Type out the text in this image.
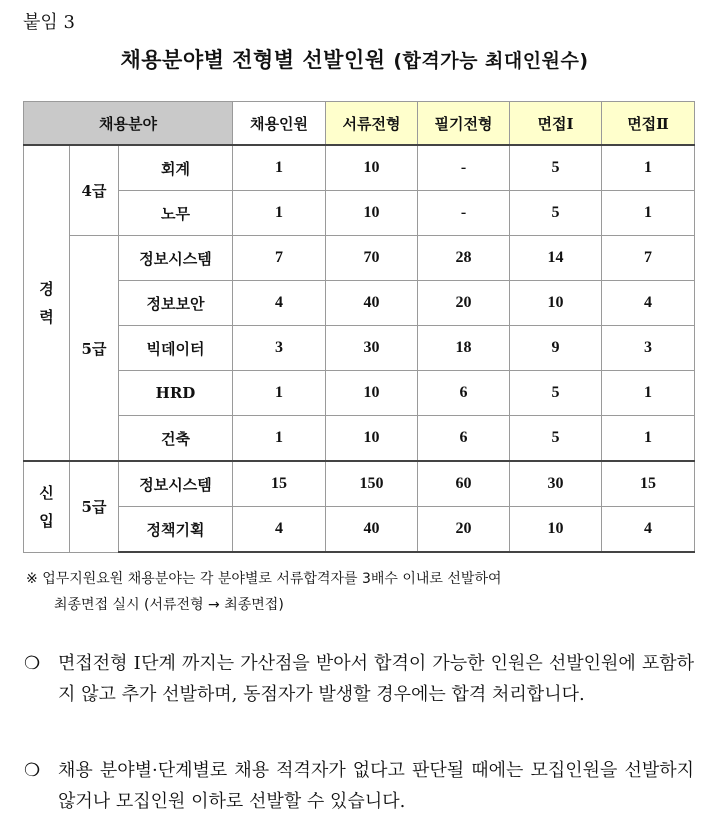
붙임 3
채용분야별 전형별 선발인원 (합격가능 최대인원수)
채용분야			채용인원	서류전형	필기전형	면접Ⅰ	면접Ⅱ

경
력	4급	회계	1	10	-	5	1
		노무	1	10	-	5	1
	5급	정보시스템	7	70	28	14	7
		정보보안	4	40	20	10	4
		빅데이터	3	30	18	9	3
		HRD	1	10	6	5	1
		건축	1	10	6	5	1

신
입	5급	정보시스템	15	150	60	30	15
		정책기획	4	40	20	10	4
※ 업무지원요원 채용분야는 각 분야별로 서류합격자를 3배수 이내로 선발하여
최종면접 실시 (서류전형 → 최종면접)
❍ 면접전형 Ⅰ단계 까지는 가산점을 받아서 합격이 가능한 인원은 선발인원에 포함하지 않고 추가 선발하며, 동점자가 발생할 경우에는 합격 처리합니다.
❍ 채용 분야별·단계별로 채용 적격자가 없다고 판단될 때에는 모집인원을 선발하지 않거나 모집인원 이하로 선발할 수 있습니다.
